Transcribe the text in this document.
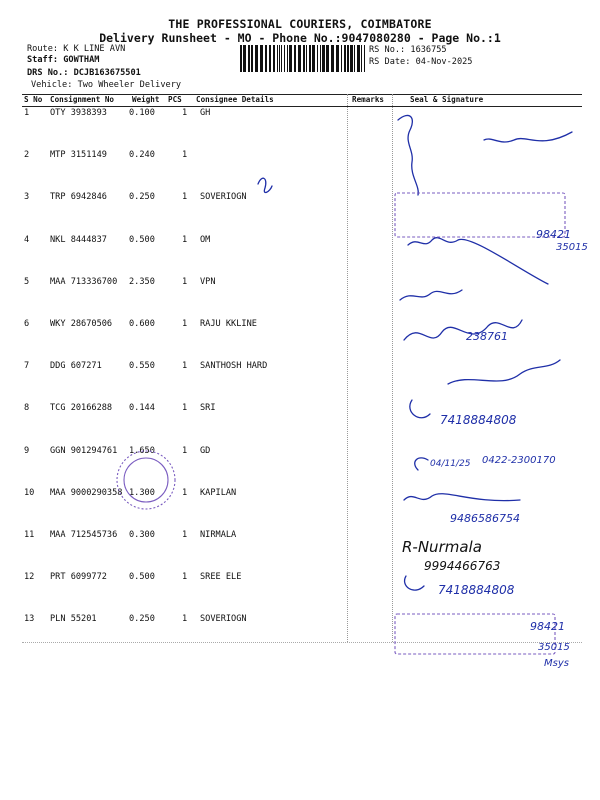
THE PROFESSIONAL COURIERS, COIMBATORE
Delivery Runsheet - MO - Phone No.:9047080280 - Page No.:1
Route: K K LINE AVN
Staff: GOWTHAM
DRS No.: DCJB163675501
Vehicle: Two Wheeler Delivery
RS No.: 1636755
RS Date: 04-Nov-2025
S No Consignment No Weight PCS Consignee Details	Remarks	Seal & Signature
1 OTY 3938393	0.100	1 GH
2 MTP 3151149	0.240	1
3 TRP 6942846	0.250	1 SOVERIOGN
4 NKL 8444837	0.500	1 OM
5 MAA 713336700 2.350	1 VPN
6 WKY 28670506 0.600	1 RAJU KKLINE
7 DDG 607271	0.550	1 SANTHOSH HARD
8 TCG 20166288 0.144	1 SRI
9 GGN 901294761 1.650	1 GD
10 MAA 9000290358 1.300	1 KAPILAN
11 MAA 712545736 0.300	1 NIRMALA
12 PRT 6099772	0.500	1 SREE ELE
13 PLN 55201	0.250	1 SOVERIOGN
98421
35015
238761
7418884808
04/11/25 0422-2300170
9486586754
R-Nurmala
9994466763
7418884808
98421
35015
Msys
